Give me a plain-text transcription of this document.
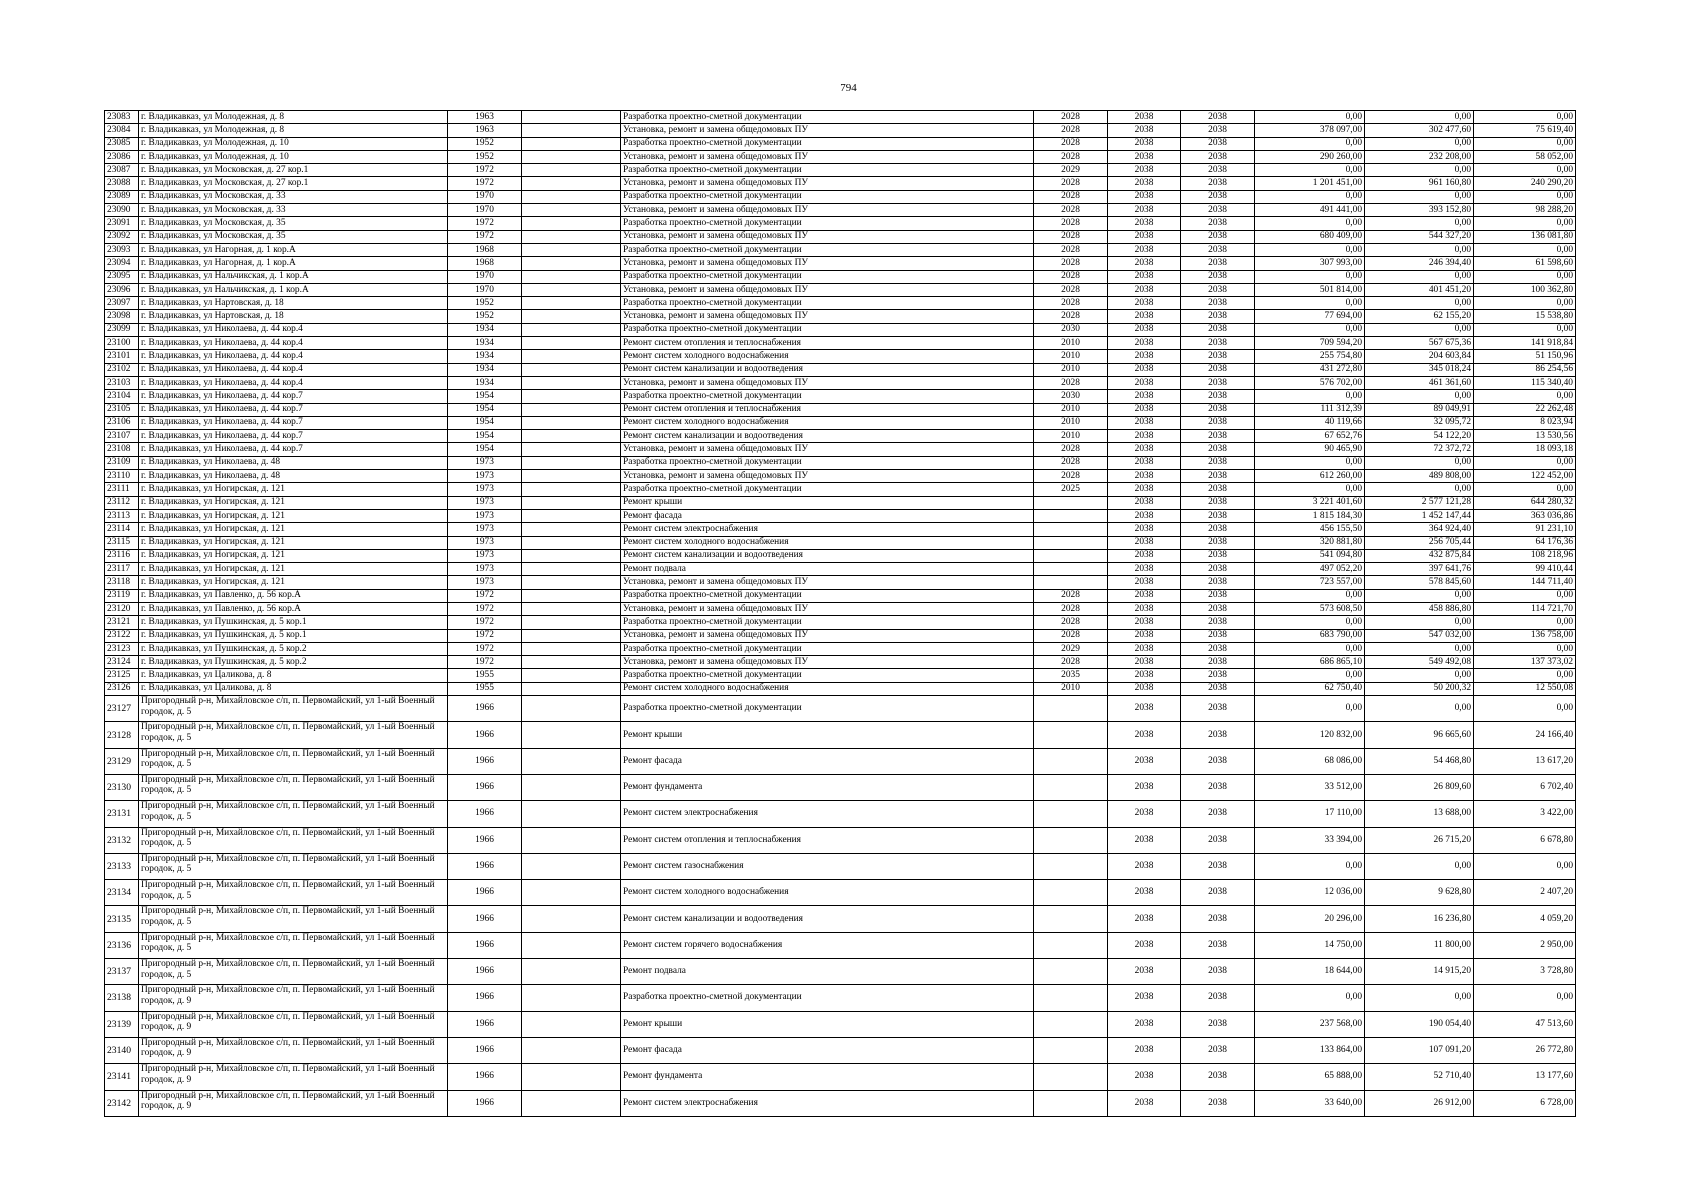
794
23083	г. Владикавказ, ул Молодежная, д. 8	1963		Разработка проектно-сметной документации	2028	2038	2038	0,00	0,00	0,00
23084	г. Владикавказ, ул Молодежная, д. 8	1963		Установка, ремонт и замена общедомовых ПУ	2028	2038	2038	378 097,00	302 477,60	75 619,40
23085	г. Владикавказ, ул Молодежная, д. 10	1952		Разработка проектно-сметной документации	2028	2038	2038	0,00	0,00	0,00
23086	г. Владикавказ, ул Молодежная, д. 10	1952		Установка, ремонт и замена общедомовых ПУ	2028	2038	2038	290 260,00	232 208,00	58 052,00
23087	г. Владикавказ, ул Московская, д. 27 кор.1	1972		Разработка проектно-сметной документации	2029	2038	2038	0,00	0,00	0,00
23088	г. Владикавказ, ул Московская, д. 27 кор.1	1972		Установка, ремонт и замена общедомовых ПУ	2028	2038	2038	1 201 451,00	961 160,80	240 290,20
23089	г. Владикавказ, ул Московская, д. 33	1970		Разработка проектно-сметной документации	2028	2038	2038	0,00	0,00	0,00
23090	г. Владикавказ, ул Московская, д. 33	1970		Установка, ремонт и замена общедомовых ПУ	2028	2038	2038	491 441,00	393 152,80	98 288,20
23091	г. Владикавказ, ул Московская, д. 35	1972		Разработка проектно-сметной документации	2028	2038	2038	0,00	0,00	0,00
23092	г. Владикавказ, ул Московская, д. 35	1972		Установка, ремонт и замена общедомовых ПУ	2028	2038	2038	680 409,00	544 327,20	136 081,80
23093	г. Владикавказ, ул Нагорная, д. 1 кор.А	1968		Разработка проектно-сметной документации	2028	2038	2038	0,00	0,00	0,00
23094	г. Владикавказ, ул Нагорная, д. 1 кор.А	1968		Установка, ремонт и замена общедомовых ПУ	2028	2038	2038	307 993,00	246 394,40	61 598,60
23095	г. Владикавказ, ул Нальчикская, д. 1 кор.А	1970		Разработка проектно-сметной документации	2028	2038	2038	0,00	0,00	0,00
23096	г. Владикавказ, ул Нальчикская, д. 1 кор.А	1970		Установка, ремонт и замена общедомовых ПУ	2028	2038	2038	501 814,00	401 451,20	100 362,80
23097	г. Владикавказ, ул Нартовская, д. 18	1952		Разработка проектно-сметной документации	2028	2038	2038	0,00	0,00	0,00
23098	г. Владикавказ, ул Нартовская, д. 18	1952		Установка, ремонт и замена общедомовых ПУ	2028	2038	2038	77 694,00	62 155,20	15 538,80
23099	г. Владикавказ, ул Николаева, д. 44 кор.4	1934		Разработка проектно-сметной документации	2030	2038	2038	0,00	0,00	0,00
23100	г. Владикавказ, ул Николаева, д. 44 кор.4	1934		Ремонт систем отопления и теплоснабжения	2010	2038	2038	709 594,20	567 675,36	141 918,84
23101	г. Владикавказ, ул Николаева, д. 44 кор.4	1934		Ремонт систем холодного водоснабжения	2010	2038	2038	255 754,80	204 603,84	51 150,96
23102	г. Владикавказ, ул Николаева, д. 44 кор.4	1934		Ремонт систем канализации и водоотведения	2010	2038	2038	431 272,80	345 018,24	86 254,56
23103	г. Владикавказ, ул Николаева, д. 44 кор.4	1934		Установка, ремонт и замена общедомовых ПУ	2028	2038	2038	576 702,00	461 361,60	115 340,40
23104	г. Владикавказ, ул Николаева, д. 44 кор.7	1954		Разработка проектно-сметной документации	2030	2038	2038	0,00	0,00	0,00
23105	г. Владикавказ, ул Николаева, д. 44 кор.7	1954		Ремонт систем отопления и теплоснабжения	2010	2038	2038	111 312,39	89 049,91	22 262,48
23106	г. Владикавказ, ул Николаева, д. 44 кор.7	1954		Ремонт систем холодного водоснабжения	2010	2038	2038	40 119,66	32 095,72	8 023,94
23107	г. Владикавказ, ул Николаева, д. 44 кор.7	1954		Ремонт систем канализации и водоотведения	2010	2038	2038	67 652,76	54 122,20	13 530,56
23108	г. Владикавказ, ул Николаева, д. 44 кор.7	1954		Установка, ремонт и замена общедомовых ПУ	2028	2038	2038	90 465,90	72 372,72	18 093,18
23109	г. Владикавказ, ул Николаева, д. 48	1973		Разработка проектно-сметной документации	2028	2038	2038	0,00	0,00	0,00
23110	г. Владикавказ, ул Николаева, д. 48	1973		Установка, ремонт и замена общедомовых ПУ	2028	2038	2038	612 260,00	489 808,00	122 452,00
23111	г. Владикавказ, ул Ногирская, д. 121	1973		Разработка проектно-сметной документации	2025	2038	2038	0,00	0,00	0,00
23112	г. Владикавказ, ул Ногирская, д. 121	1973		Ремонт крыши		2038	2038	3 221 401,60	2 577 121,28	644 280,32
23113	г. Владикавказ, ул Ногирская, д. 121	1973		Ремонт фасада		2038	2038	1 815 184,30	1 452 147,44	363 036,86
23114	г. Владикавказ, ул Ногирская, д. 121	1973		Ремонт систем электроснабжения		2038	2038	456 155,50	364 924,40	91 231,10
23115	г. Владикавказ, ул Ногирская, д. 121	1973		Ремонт систем холодного водоснабжения		2038	2038	320 881,80	256 705,44	64 176,36
23116	г. Владикавказ, ул Ногирская, д. 121	1973		Ремонт систем канализации и водоотведения		2038	2038	541 094,80	432 875,84	108 218,96
23117	г. Владикавказ, ул Ногирская, д. 121	1973		Ремонт подвала		2038	2038	497 052,20	397 641,76	99 410,44
23118	г. Владикавказ, ул Ногирская, д. 121	1973		Установка, ремонт и замена общедомовых ПУ		2038	2038	723 557,00	578 845,60	144 711,40
23119	г. Владикавказ, ул Павленко, д. 56 кор.А	1972		Разработка проектно-сметной документации	2028	2038	2038	0,00	0,00	0,00
23120	г. Владикавказ, ул Павленко, д. 56 кор.А	1972		Установка, ремонт и замена общедомовых ПУ	2028	2038	2038	573 608,50	458 886,80	114 721,70
23121	г. Владикавказ, ул Пушкинская, д. 5 кор.1	1972		Разработка проектно-сметной документации	2028	2038	2038	0,00	0,00	0,00
23122	г. Владикавказ, ул Пушкинская, д. 5 кор.1	1972		Установка, ремонт и замена общедомовых ПУ	2028	2038	2038	683 790,00	547 032,00	136 758,00
23123	г. Владикавказ, ул Пушкинская, д. 5 кор.2	1972		Разработка проектно-сметной документации	2029	2038	2038	0,00	0,00	0,00
23124	г. Владикавказ, ул Пушкинская, д. 5 кор.2	1972		Установка, ремонт и замена общедомовых ПУ	2028	2038	2038	686 865,10	549 492,08	137 373,02
23125	г. Владикавказ, ул Цаликова, д. 8	1955		Разработка проектно-сметной документации	2035	2038	2038	0,00	0,00	0,00
23126	г. Владикавказ, ул Цаликова, д. 8	1955		Ремонт систем холодного водоснабжения	2010	2038	2038	62 750,40	50 200,32	12 550,08
23127	Пригородный р-н, Михайловское с/п, п. Первомайский, ул 1-ый Военный городок, д. 5	1966		Разработка проектно-сметной документации		2038	2038	0,00	0,00	0,00
23128	Пригородный р-н, Михайловское с/п, п. Первомайский, ул 1-ый Военный городок, д. 5	1966		Ремонт крыши		2038	2038	120 832,00	96 665,60	24 166,40
23129	Пригородный р-н, Михайловское с/п, п. Первомайский, ул 1-ый Военный городок, д. 5	1966		Ремонт фасада		2038	2038	68 086,00	54 468,80	13 617,20
23130	Пригородный р-н, Михайловское с/п, п. Первомайский, ул 1-ый Военный городок, д. 5	1966		Ремонт фундамента		2038	2038	33 512,00	26 809,60	6 702,40
23131	Пригородный р-н, Михайловское с/п, п. Первомайский, ул 1-ый Военный городок, д. 5	1966		Ремонт систем электроснабжения		2038	2038	17 110,00	13 688,00	3 422,00
23132	Пригородный р-н, Михайловское с/п, п. Первомайский, ул 1-ый Военный городок, д. 5	1966		Ремонт систем отопления и теплоснабжения		2038	2038	33 394,00	26 715,20	6 678,80
23133	Пригородный р-н, Михайловское с/п, п. Первомайский, ул 1-ый Военный городок, д. 5	1966		Ремонт систем газоснабжения		2038	2038	0,00	0,00	0,00
23134	Пригородный р-н, Михайловское с/п, п. Первомайский, ул 1-ый Военный городок, д. 5	1966		Ремонт систем холодного водоснабжения		2038	2038	12 036,00	9 628,80	2 407,20
23135	Пригородный р-н, Михайловское с/п, п. Первомайский, ул 1-ый Военный городок, д. 5	1966		Ремонт систем канализации и водоотведения		2038	2038	20 296,00	16 236,80	4 059,20
23136	Пригородный р-н, Михайловское с/п, п. Первомайский, ул 1-ый Военный городок, д. 5	1966		Ремонт систем горячего водоснабжения		2038	2038	14 750,00	11 800,00	2 950,00
23137	Пригородный р-н, Михайловское с/п, п. Первомайский, ул 1-ый Военный городок, д. 5	1966		Ремонт подвала		2038	2038	18 644,00	14 915,20	3 728,80
23138	Пригородный р-н, Михайловское с/п, п. Первомайский, ул 1-ый Военный городок, д. 9	1966		Разработка проектно-сметной документации		2038	2038	0,00	0,00	0,00
23139	Пригородный р-н, Михайловское с/п, п. Первомайский, ул 1-ый Военный городок, д. 9	1966		Ремонт крыши		2038	2038	237 568,00	190 054,40	47 513,60
23140	Пригородный р-н, Михайловское с/п, п. Первомайский, ул 1-ый Военный городок, д. 9	1966		Ремонт фасада		2038	2038	133 864,00	107 091,20	26 772,80
23141	Пригородный р-н, Михайловское с/п, п. Первомайский, ул 1-ый Военный городок, д. 9	1966		Ремонт фундамента		2038	2038	65 888,00	52 710,40	13 177,60
23142	Пригородный р-н, Михайловское с/п, п. Первомайский, ул 1-ый Военный городок, д. 9	1966		Ремонт систем электроснабжения		2038	2038	33 640,00	26 912,00	6 728,00
